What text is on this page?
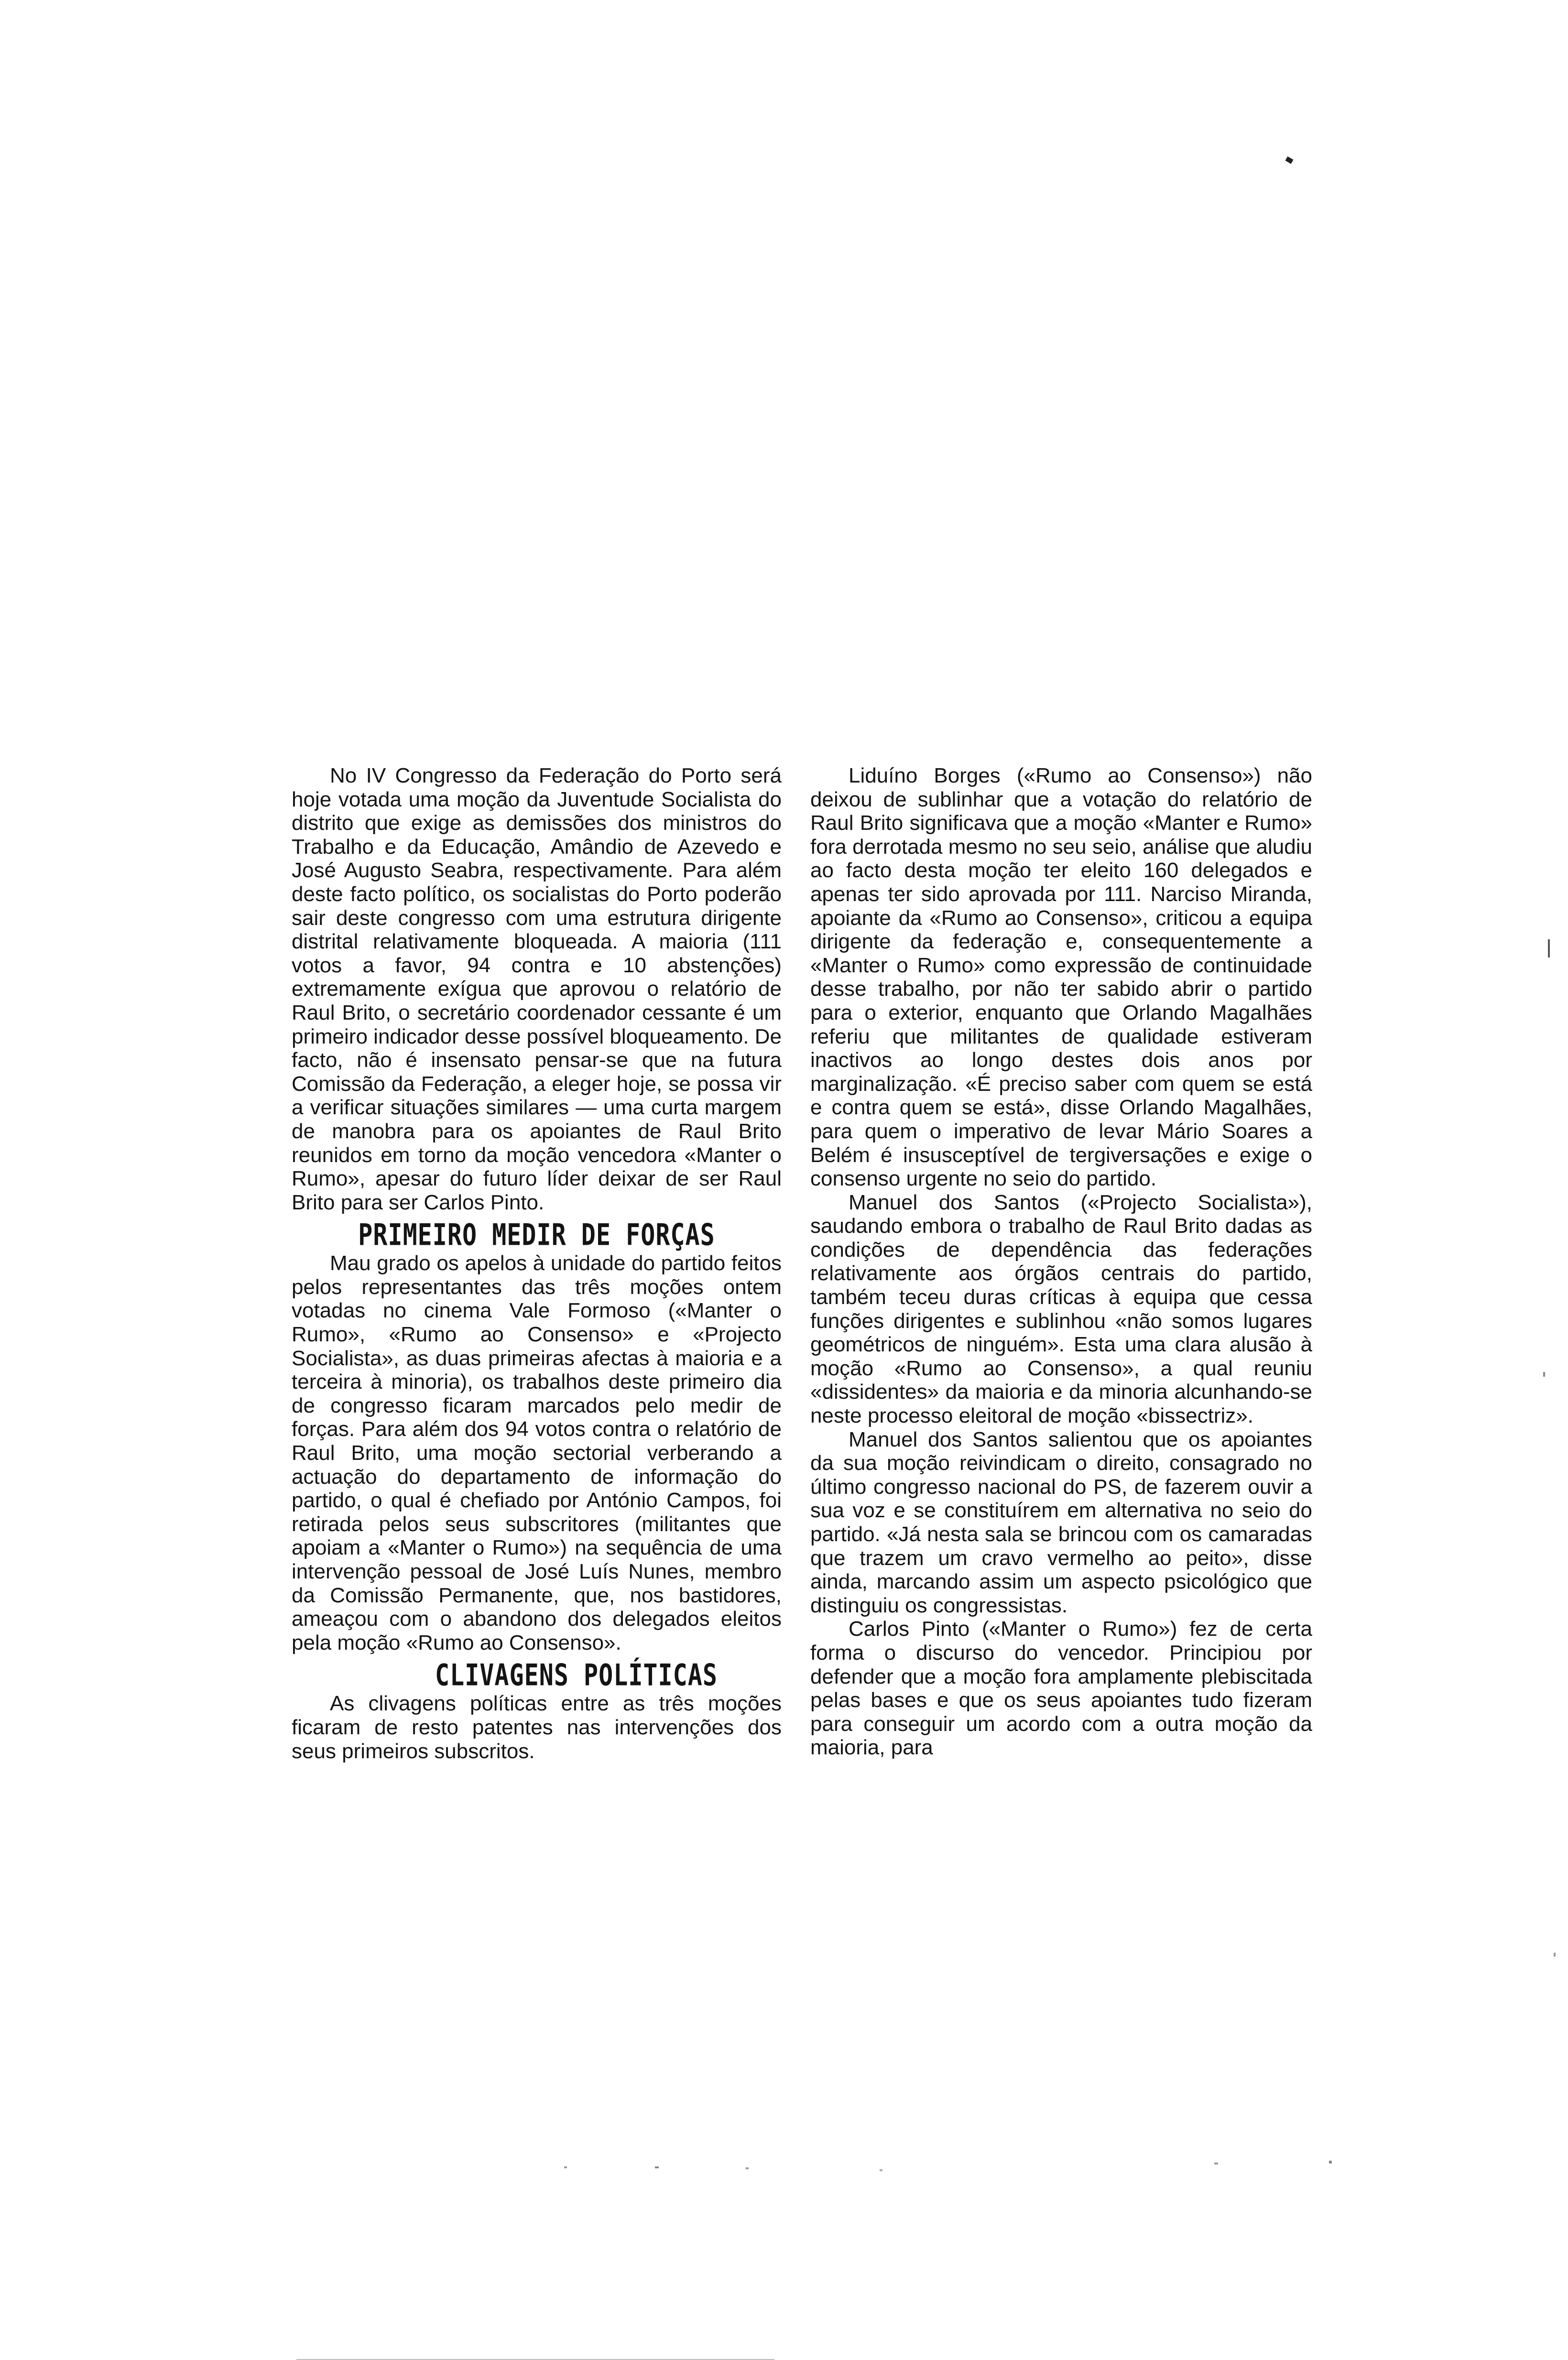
No IV Congresso da Federação do Porto será hoje votada uma moção da Juventude Socialista do distrito que exige as demissões dos ministros do Trabalho e da Educação, Amândio de Azevedo e José Augusto Seabra, respectivamente. Para além deste facto político, os socialistas do Porto poderão sair deste congresso com uma estrutura dirigente distrital relativamente bloqueada. A maioria (111 votos a favor, 94 contra e 10 abstenções) extremamente exígua que aprovou o relatório de Raul Brito, o secretário coordenador cessante é um primeiro indicador desse possível bloqueamento. De facto, não é insensato pensar-se que na futura Comissão da Federação, a eleger hoje, se possa vir a verificar situações similares — uma curta margem de manobra para os apoiantes de Raul Brito reunidos em torno da moção vencedora «Manter o Rumo», apesar do futuro líder deixar de ser Raul Brito para ser Carlos Pinto.

PRIMEIRO MEDIR DE FORÇAS

Mau grado os apelos à unidade do partido feitos pelos representantes das três moções ontem votadas no cinema Vale Formoso («Manter o Rumo», «Rumo ao Consenso» e «Projecto Socialista», as duas primeiras afectas à maioria e a terceira à minoria), os trabalhos deste primeiro dia de congresso ficaram marcados pelo medir de forças. Para além dos 94 votos contra o relatório de Raul Brito, uma moção sectorial verberando a actuação do departamento de informação do partido, o qual é chefiado por António Campos, foi retirada pelos seus subscritores (militantes que apoiam a «Manter o Rumo») na sequência de uma intervenção pessoal de José Luís Nunes, membro da Comissão Permanente, que, nos bastidores, ameaçou com o abandono dos delegados eleitos pela moção «Rumo ao Consenso».

CLIVAGENS POLÍTICAS

As clivagens políticas entre as três moções ficaram de resto patentes nas intervenções dos seus primeiros subscritos.

Liduíno Borges («Rumo ao Consenso») não deixou de sublinhar que a votação do relatório de Raul Brito significava que a moção «Manter e Rumo» fora derrotada mesmo no seu seio, análise que aludiu ao facto desta moção ter eleito 160 delegados e apenas ter sido aprovada por 111. Narciso Miranda, apoiante da «Rumo ao Consenso», criticou a equipa dirigente da federação e, consequentemente a «Manter o Rumo» como expressão de continuidade desse trabalho, por não ter sabido abrir o partido para o exterior, enquanto que Orlando Magalhães referiu que militantes de qualidade estiveram inactivos ao longo destes dois anos por marginalização. «É preciso saber com quem se está e contra quem se está», disse Orlando Magalhães, para quem o imperativo de levar Mário Soares a Belém é insusceptível de tergiversações e exige o consenso urgente no seio do partido.

Manuel dos Santos («Projecto Socialista»), saudando embora o trabalho de Raul Brito dadas as condições de dependência das federações relativamente aos órgãos centrais do partido, também teceu duras críticas à equipa que cessa funções dirigentes e sublinhou «não somos lugares geométricos de ninguém». Esta uma clara alusão à moção «Rumo ao Consenso», a qual reuniu «dissidentes» da maioria e da minoria alcunhando-se neste processo eleitoral de moção «bissectriz».

Manuel dos Santos salientou que os apoiantes da sua moção reivindicam o direito, consagrado no último congresso nacional do PS, de fazerem ouvir a sua voz e se constituírem em alternativa no seio do partido. «Já nesta sala se brincou com os camaradas que trazem um cravo vermelho ao peito», disse ainda, marcando assim um aspecto psicológico que distinguiu os congressistas.

Carlos Pinto («Manter o Rumo») fez de certa forma o discurso do vencedor. Principiou por defender que a moção fora amplamente plebiscitada pelas bases e que os seus apoiantes tudo fizeram para conseguir um acordo com a outra moção da maioria, para
